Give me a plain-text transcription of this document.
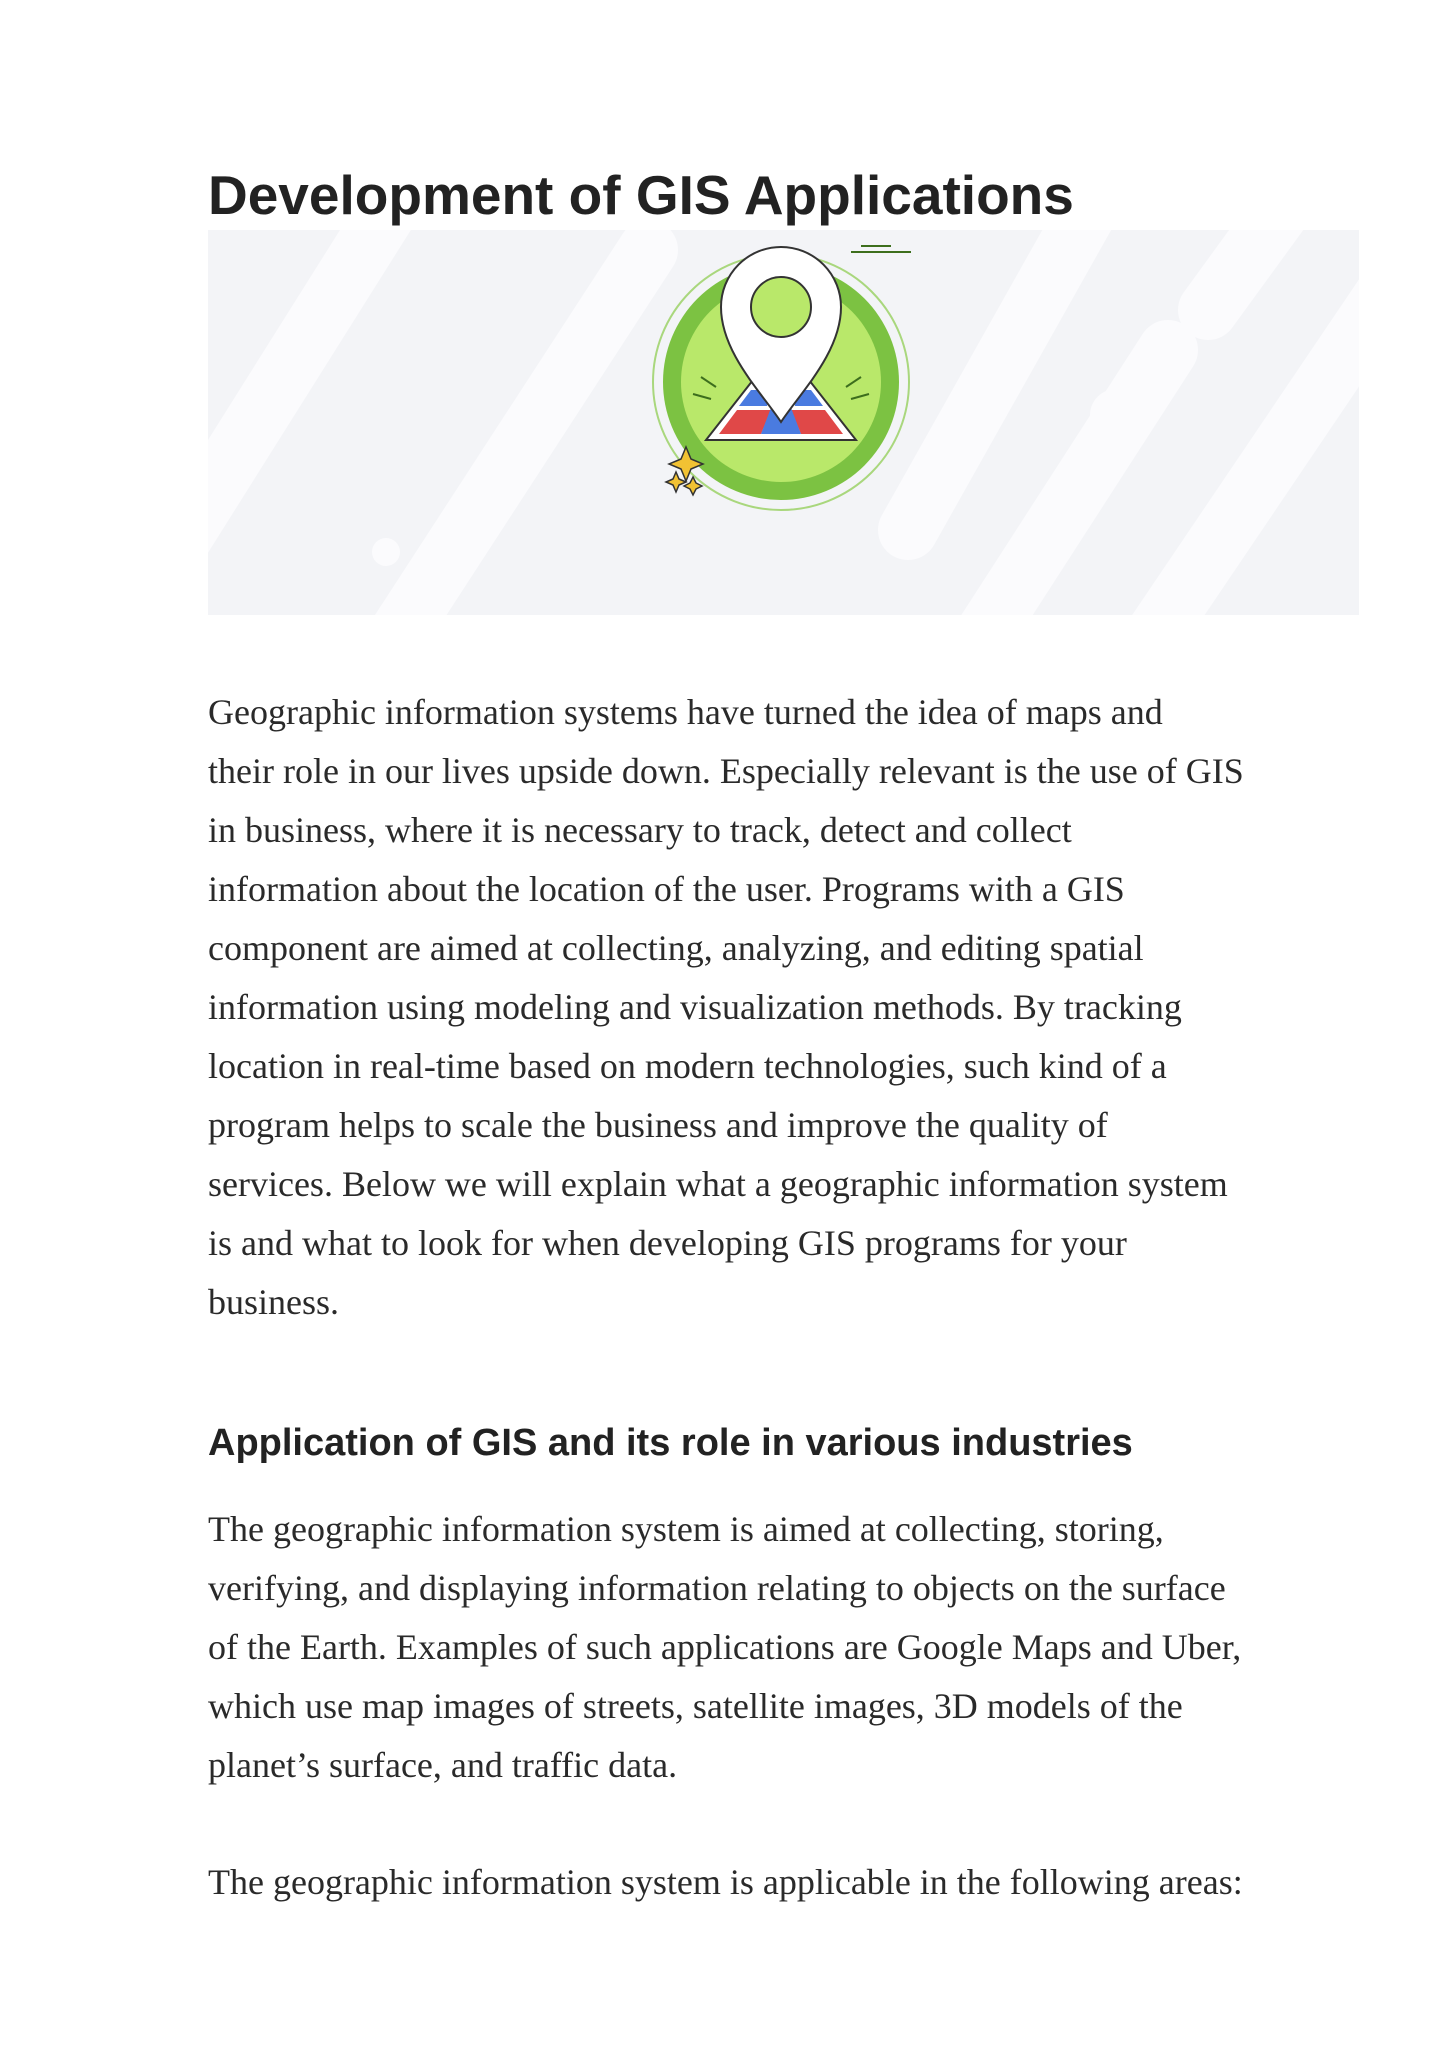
Development of GIS Applications

Geographic information systems have turned the idea of maps and
their role in our lives upside down. Especially relevant is the use of GIS
in business, where it is necessary to track, detect and collect
information about the location of the user. Programs with a GIS
component are aimed at collecting, analyzing, and editing spatial
information using modeling and visualization methods. By tracking
location in real-time based on modern technologies, such kind of a
program helps to scale the business and improve the quality of
services. Below we will explain what a geographic information system
is and what to look for when developing GIS programs for your
business.

Application of GIS and its role in various industries

The geographic information system is aimed at collecting, storing,
verifying, and displaying information relating to objects on the surface
of the Earth. Examples of such applications are Google Maps and Uber,
which use map images of streets, satellite images, 3D models of the
planet’s surface, and traffic data.

The geographic information system is applicable in the following areas:
